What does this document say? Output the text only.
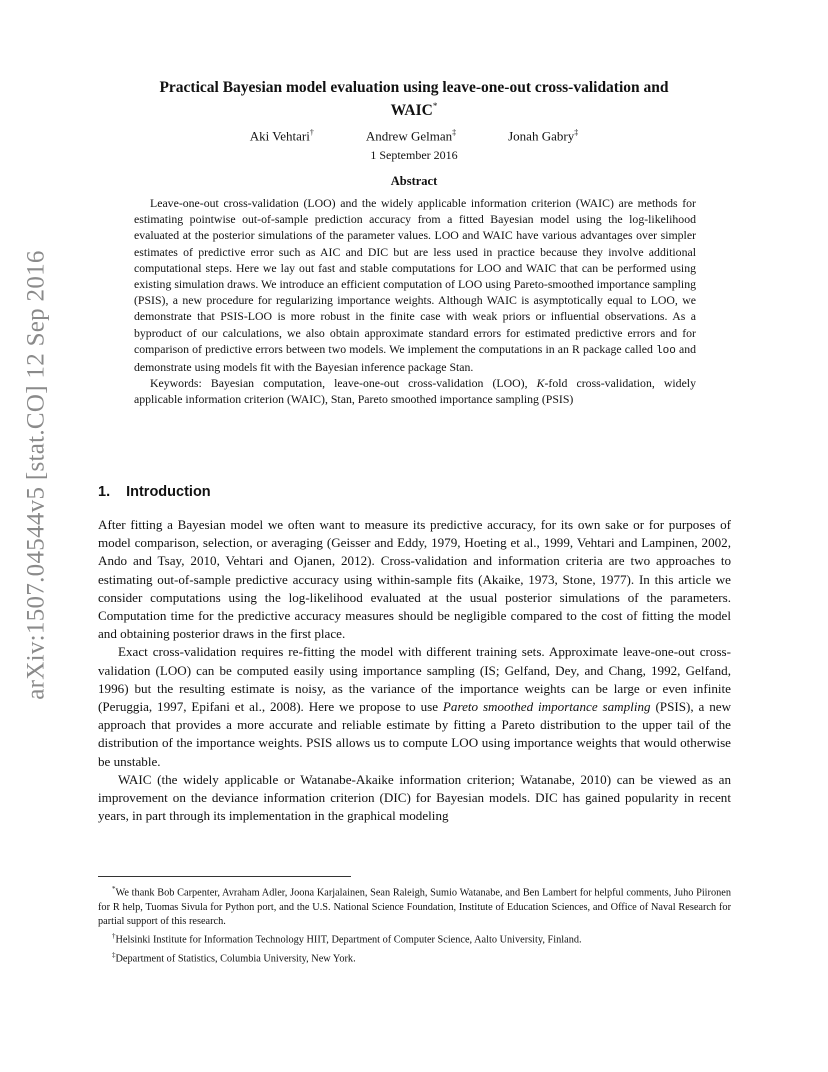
arXiv:1507.04544v5 [stat.CO] 12 Sep 2016
Practical Bayesian model evaluation using leave-one-out cross-validation and
WAIC*
Aki Vehtari†	Andrew Gelman‡	Jonah Gabry‡
1 September 2016
Abstract

Leave-one-out cross-validation (LOO) and the widely applicable information criterion (WAIC) are methods for estimating pointwise out-of-sample prediction accuracy from a fitted Bayesian model using the log-likelihood evaluated at the posterior simulations of the parameter values. LOO and WAIC have various advantages over simpler estimates of predictive error such as AIC and DIC but are less used in practice because they involve additional computational steps. Here we lay out fast and stable computations for LOO and WAIC that can be performed using existing simulation draws. We introduce an efficient computation of LOO using Pareto-smoothed importance sampling (PSIS), a new procedure for regularizing importance weights. Although WAIC is asymptotically equal to LOO, we demonstrate that PSIS-LOO is more robust in the finite case with weak priors or influential observations. As a byproduct of our calculations, we also obtain approximate standard errors for estimated predictive errors and for comparison of predictive errors between two models. We implement the computations in an R package called loo and demonstrate using models fit with the Bayesian inference package Stan.

Keywords: Bayesian computation, leave-one-out cross-validation (LOO), K-fold cross-validation, widely applicable information criterion (WAIC), Stan, Pareto smoothed importance sampling (PSIS)

1. Introduction

After fitting a Bayesian model we often want to measure its predictive accuracy, for its own sake or for purposes of model comparison, selection, or averaging (Geisser and Eddy, 1979, Hoeting et al., 1999, Vehtari and Lampinen, 2002, Ando and Tsay, 2010, Vehtari and Ojanen, 2012). Cross-validation and information criteria are two approaches to estimating out-of-sample predictive accuracy using within-sample fits (Akaike, 1973, Stone, 1977). In this article we consider computations using the log-likelihood evaluated at the usual posterior simulations of the parameters. Computation time for the predictive accuracy measures should be negligible compared to the cost of fitting the model and obtaining posterior draws in the first place.

Exact cross-validation requires re-fitting the model with different training sets. Approximate leave-one-out cross-validation (LOO) can be computed easily using importance sampling (IS; Gelfand, Dey, and Chang, 1992, Gelfand, 1996) but the resulting estimate is noisy, as the variance of the importance weights can be large or even infinite (Peruggia, 1997, Epifani et al., 2008). Here we propose to use Pareto smoothed importance sampling (PSIS), a new approach that provides a more accurate and reliable estimate by fitting a Pareto distribution to the upper tail of the distribution of the importance weights. PSIS allows us to compute LOO using importance weights that would otherwise be unstable.

WAIC (the widely applicable or Watanabe-Akaike information criterion; Watanabe, 2010) can be viewed as an improvement on the deviance information criterion (DIC) for Bayesian models. DIC has gained popularity in recent years, in part through its implementation in the graphical modeling

*We thank Bob Carpenter, Avraham Adler, Joona Karjalainen, Sean Raleigh, Sumio Watanabe, and Ben Lambert for helpful comments, Juho Piironen for R help, Tuomas Sivula for Python port, and the U.S. National Science Foundation, Institute of Education Sciences, and Office of Naval Research for partial support of this research.

†Helsinki Institute for Information Technology HIIT, Department of Computer Science, Aalto University, Finland.

‡Department of Statistics, Columbia University, New York.
